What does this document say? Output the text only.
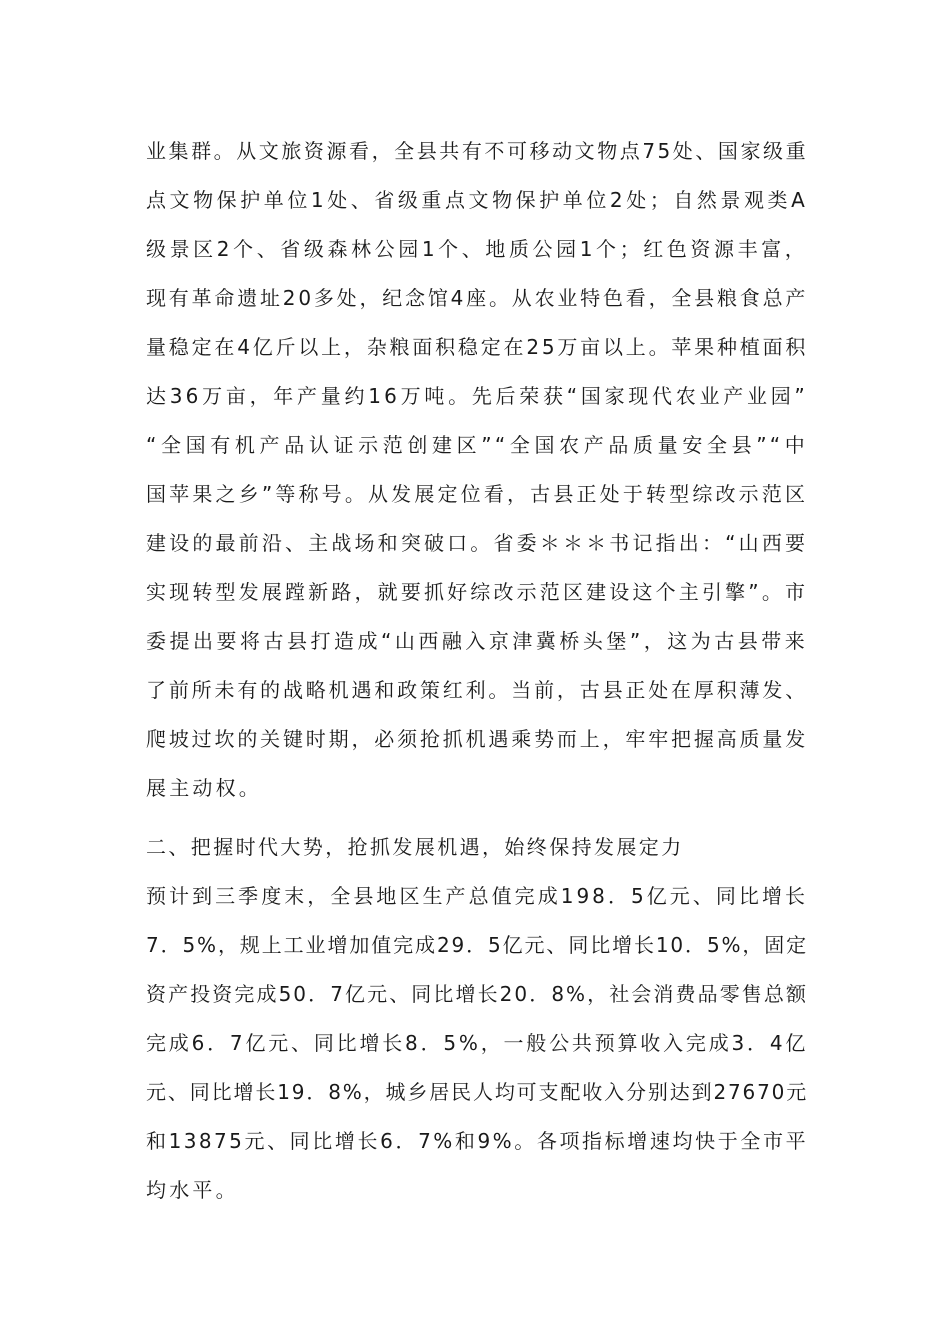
业集群。从文旅资源看，全县共有不可移动文物点75处、国家级重
点文物保护单位1处、省级重点文物保护单位2处；自然景观类A
级景区2个、省级森林公园1个、地质公园1个；红色资源丰富，
现有革命遗址20多处，纪念馆4座。从农业特色看，全县粮食总产
量稳定在4亿斤以上，杂粮面积稳定在25万亩以上。苹果种植面积
达36万亩，年产量约16万吨。先后荣获“国家现代农业产业园”
“全国有机产品认证示范创建区”“全国农产品质量安全县”“中
国苹果之乡”等称号。从发展定位看，古县正处于转型综改示范区
建设的最前沿、主战场和突破口。省委＊＊＊书记指出：“山西要
实现转型发展蹚新路，就要抓好综改示范区建设这个主引擎”。市
委提出要将古县打造成“山西融入京津冀桥头堡”，这为古县带来
了前所未有的战略机遇和政策红利。当前，古县正处在厚积薄发、
爬坡过坎的关键时期，必须抢抓机遇乘势而上，牢牢把握高质量发
展主动权。
二、把握时代大势，抢抓发展机遇，始终保持发展定力
预计到三季度末，全县地区生产总值完成198．5亿元、同比增长
7．5%，规上工业增加值完成29．5亿元、同比增长10．5%，固定
资产投资完成50．7亿元、同比增长20．8%，社会消费品零售总额
完成6．7亿元、同比增长8．5%，一般公共预算收入完成3．4亿
元、同比增长19．8%，城乡居民人均可支配收入分别达到27670元
和13875元、同比增长6．7%和9%。各项指标增速均快于全市平
均水平。
